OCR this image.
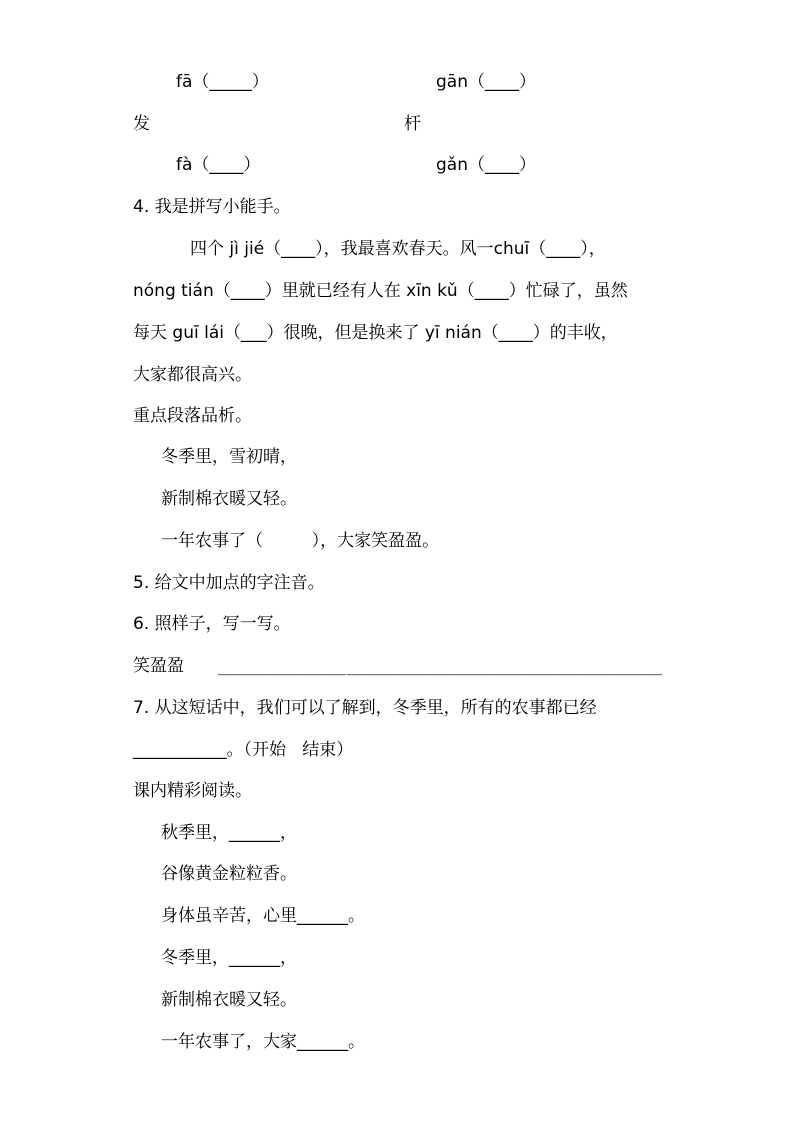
fā（_____）	gān（____）
发	杆
fà（____）	gǎn（____）
4. 我是拼写小能手。
四个 jì jié（____），我最喜欢春天。风一chuī（____），
nóng tián（____）里就已经有人在 xīn kǔ（____）忙碌了，虽然
每天 guī lái（___）很晚，但是换来了 yī nián（____）的丰收，
大家都很高兴。
重点段落品析。
冬季里，雪初晴，
新制棉衣暖又轻。
一年农事了（         ），大家笑盈盈。
5. 给文中加点的字注音。
6. 照样子，写一写。
笑盈盈 _____________ ________________________________
7. 从这短话中，我们可以了解到，冬季里，所有的农事都已经
___________。（开始   结束）
课内精彩阅读。
秋季里，______，
谷像黄金粒粒香。
身体虽辛苦，心里______。
冬季里，______，
新制棉衣暖又轻。
一年农事了，大家______。
